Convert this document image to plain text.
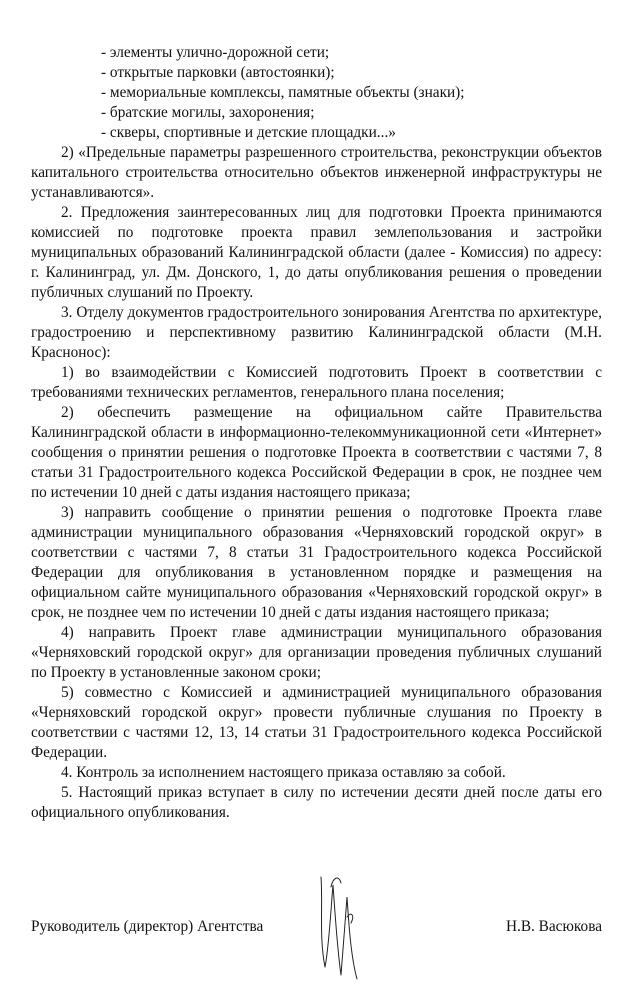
- элементы улично-дорожной сети;

- открытые парковки (автостоянки);

- мемориальные комплексы, памятные объекты (знаки);

- братские могилы, захоронения;

- скверы, спортивные и детские площадки...»

2) «Предельные параметры разрешенного строительства, реконструкции объектов капитального строительства относительно объектов инженерной инфраструктуры не устанавливаются».

2. Предложения заинтересованных лиц для подготовки Проекта принимаются комиссией по подготовке проекта правил землепользования и застройки муниципальных образований Калининградской области (далее - Комиссия) по адресу: г. Калининград, ул. Дм. Донского, 1, до даты опубликования решения о проведении публичных слушаний по Проекту.

3. Отделу документов градостроительного зонирования Агентства по архитектуре, градостроению и перспективному развитию Калининградской области (М.Н. Краснонос):

1) во взаимодействии с Комиссией подготовить Проект в соответствии с требованиями технических регламентов, генерального плана поселения;

2) обеспечить размещение на официальном сайте Правительства Калининградской области в информационно-телекоммуникационной сети «Интернет» сообщения о принятии решения о подготовке Проекта в соответствии с частями 7, 8 статьи 31 Градостроительного кодекса Российской Федерации в срок, не позднее чем по истечении 10 дней с даты издания настоящего приказа;

3) направить сообщение о принятии решения о подготовке Проекта главе администрации муниципального образования «Черняховский городской округ» в соответствии с частями 7, 8 статьи 31 Градостроительного кодекса Российской Федерации для опубликования в установленном порядке и размещения на официальном сайте муниципального образования «Черняховский городской округ» в срок, не позднее чем по истечении 10 дней с даты издания настоящего приказа;

4) направить Проект главе администрации муниципального образования «Черняховский городской округ» для организации проведения публичных слушаний по Проекту в установленные законом сроки;

5) совместно с Комиссией и администрацией муниципального образования «Черняховский городской округ» провести публичные слушания по Проекту в соответствии с частями 12, 13, 14 статьи 31 Градостроительного кодекса Российской Федерации.

4. Контроль за исполнением настоящего приказа оставляю за собой.

5. Настоящий приказ вступает в силу по истечении десяти дней после даты его официального опубликования.

Руководитель (директор) Агентства	Н.В. Васюкова
